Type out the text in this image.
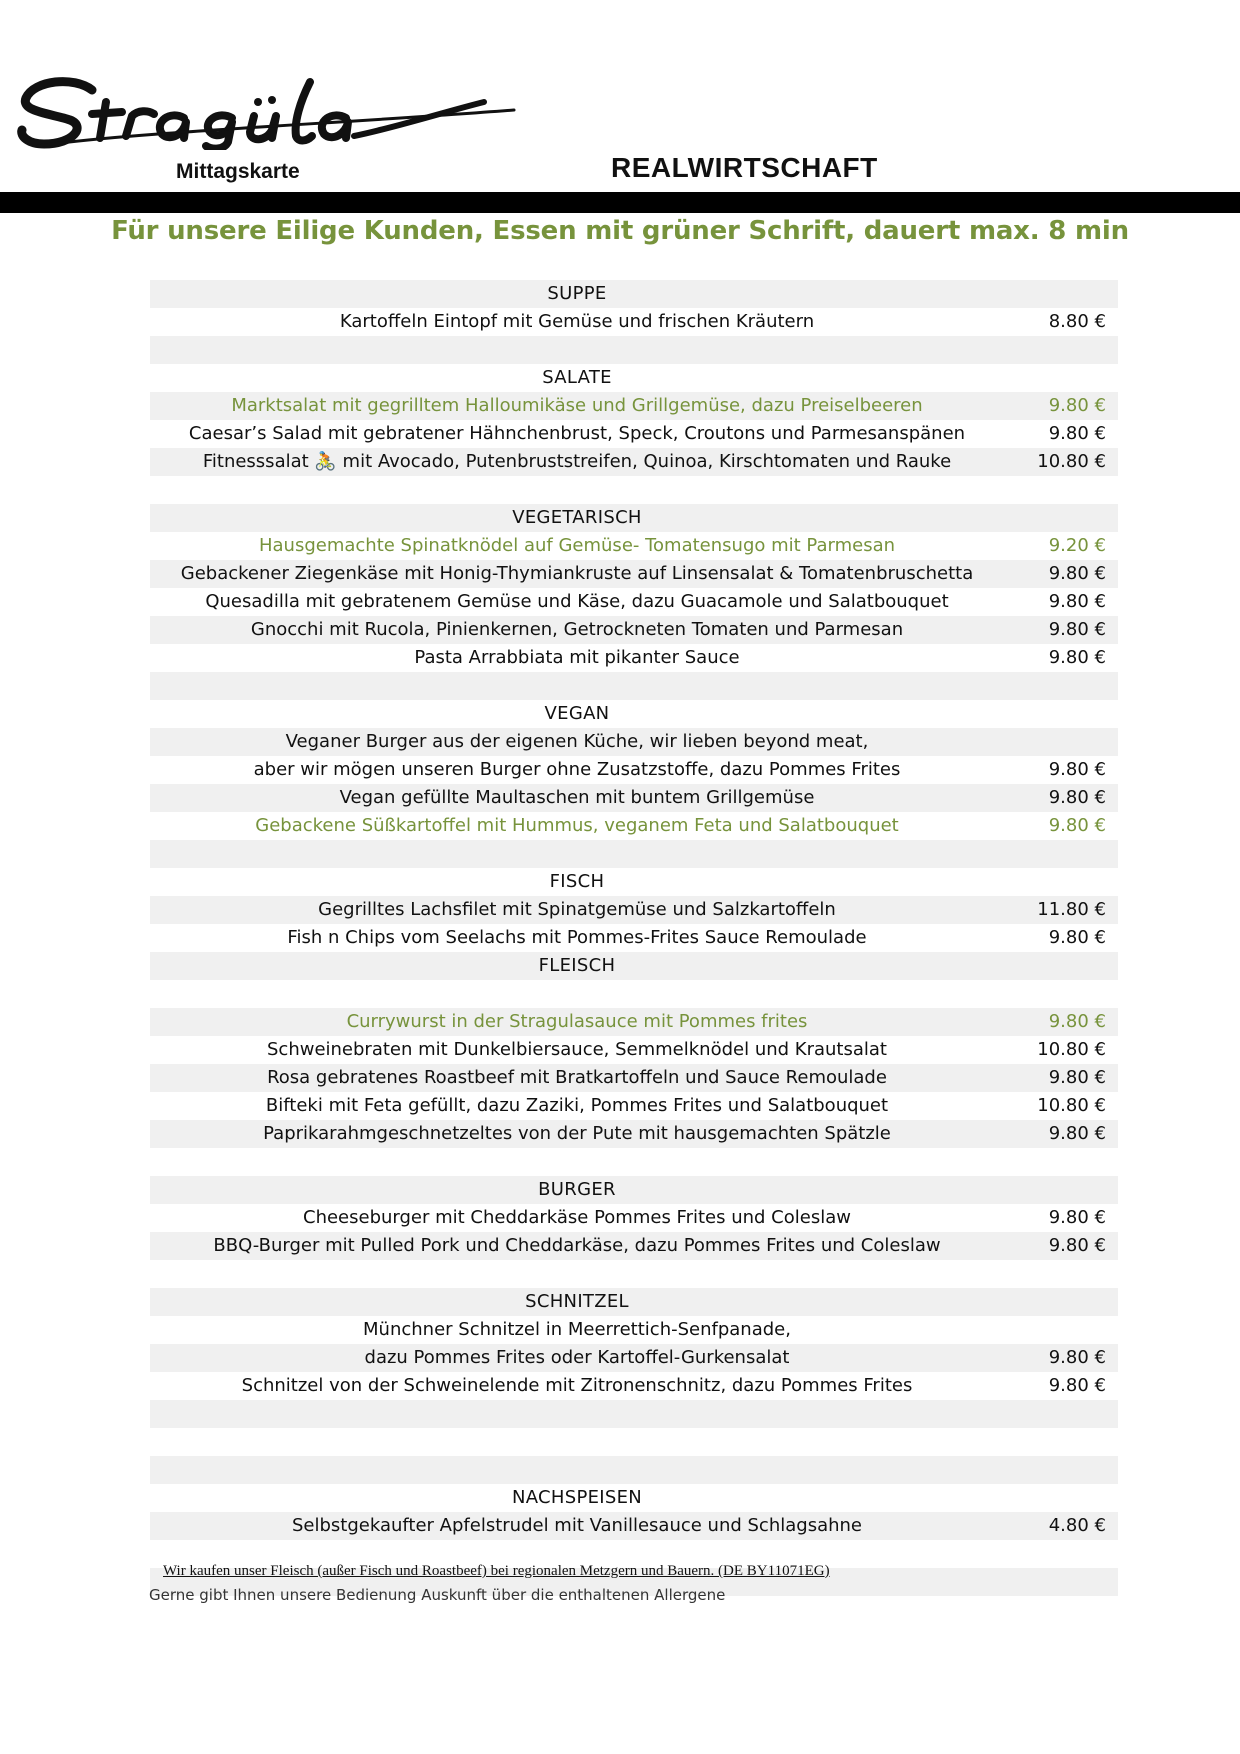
Mittagskarte	REALWIRTSCHAFT
Für unsere Eilige Kunden, Essen mit grüner Schrift, dauert max. 8 min
SUPPE
Kartoffeln Eintopf mit Gemüse und frischen Kräutern	8.80 €
SALATE
Marktsalat mit gegrilltem Halloumikäse und Grillgemüse, dazu Preiselbeeren	9.80 €
Caesar’s Salad mit gebratener Hähnchenbrust, Speck, Croutons und Parmesanspänen	9.80 €
Fitnesssalat 🚴 mit Avocado, Putenbruststreifen, Quinoa, Kirschtomaten und Rauke	10.80 €
VEGETARISCH
Hausgemachte Spinatknödel auf Gemüse- Tomatensugo mit Parmesan	9.20 €
Gebackener Ziegenkäse mit Honig-Thymiankruste auf Linsensalat & Tomatenbruschetta	9.80 €
Quesadilla mit gebratenem Gemüse und Käse, dazu Guacamole und Salatbouquet	9.80 €
Gnocchi mit Rucola, Pinienkernen, Getrockneten Tomaten und Parmesan	9.80 €
Pasta Arrabbiata mit pikanter Sauce	9.80 €
VEGAN
Veganer Burger aus der eigenen Küche, wir lieben beyond meat,
aber wir mögen unseren Burger ohne Zusatzstoffe, dazu Pommes Frites	9.80 €
Vegan gefüllte Maultaschen mit buntem Grillgemüse	9.80 €
Gebackene Süßkartoffel mit Hummus, veganem Feta und Salatbouquet	9.80 €
FISCH
Gegrilltes Lachsfilet mit Spinatgemüse und Salzkartoffeln	11.80 €
Fish n Chips vom Seelachs mit Pommes-Frites Sauce Remoulade	9.80 €
FLEISCH
Currywurst in der Stragulasauce mit Pommes frites	9.80 €
Schweinebraten mit Dunkelbiersauce, Semmelknödel und Krautsalat	10.80 €
Rosa gebratenes Roastbeef mit Bratkartoffeln und Sauce Remoulade	9.80 €
Bifteki mit Feta gefüllt, dazu Zaziki, Pommes Frites und Salatbouquet	10.80 €
Paprikarahmgeschnetzeltes von der Pute mit hausgemachten Spätzle	9.80 €
BURGER
Cheeseburger mit Cheddarkäse Pommes Frites und Coleslaw	9.80 €
BBQ-Burger mit Pulled Pork und Cheddarkäse, dazu Pommes Frites und Coleslaw	9.80 €
SCHNITZEL
Münchner Schnitzel in Meerrettich-Senfpanade,
dazu Pommes Frites oder Kartoffel-Gurkensalat	9.80 €
Schnitzel von der Schweinelende mit Zitronenschnitz, dazu Pommes Frites	9.80 €
NACHSPEISEN
Selbstgekaufter Apfelstrudel mit Vanillesauce und Schlagsahne	4.80 €
Wir kaufen unser Fleisch (außer Fisch und Roastbeef) bei regionalen Metzgern und Bauern. (DE BY11071EG)
Gerne gibt Ihnen unsere Bedienung Auskunft über die enthaltenen Allergene
